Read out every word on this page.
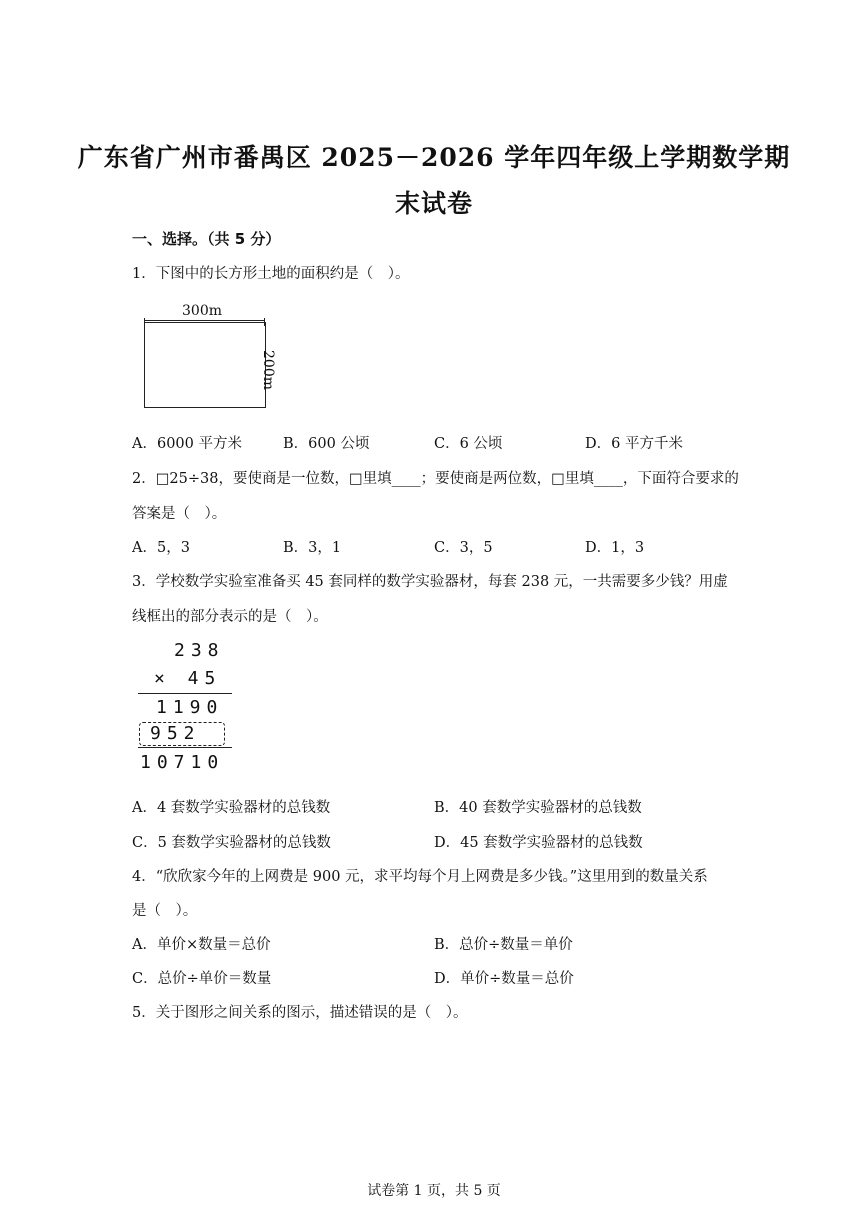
广东省广州市番禺区 2025－2026 学年四年级上学期数学期
末试卷
一、选择。（共 5 分）
1．下图中的长方形土地的面积约是（　）。
300m
200m
A．6000 平方米	B．600 公顷	C．6 公顷	D．6 平方千米
2．□25÷38，要使商是一位数，□里填____；要使商是两位数，□里填____，下面符合要求的
答案是（　）。
A．5，3	B．3，1	C．3，5	D．1，3
3．学校数学实验室准备买 45 套同样的数学实验器材，每套 238 元，一共需要多少钱？用虚
线框出的部分表示的是（　）。
238
× 45
1190
952
10710
A．4 套数学实验器材的总钱数	B．40 套数学实验器材的总钱数
C．5 套数学实验器材的总钱数	D．45 套数学实验器材的总钱数
4．“欣欣家今年的上网费是 900 元，求平均每个月上网费是多少钱。”这里用到的数量关系
是（　）。
A．单价×数量＝总价	B．总价÷数量＝单价
C．总价÷单价＝数量	D．单价÷数量＝总价
5．关于图形之间关系的图示，描述错误的是（　）。
试卷第 1 页，共 5 页
